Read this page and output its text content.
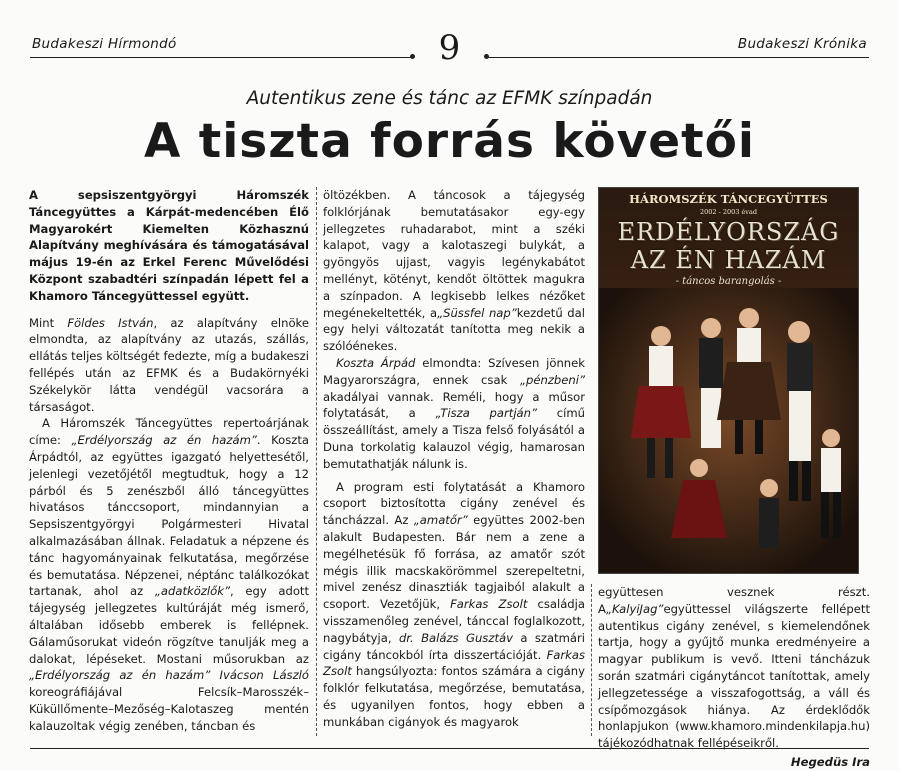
Budakeszi Hírmondó	9	Budakeszi Krónika
Autentikus zene és tánc az EFMK színpadán
A tiszta forrás követői

A sepsiszentgyörgyi Háromszék Táncegyüttes a Kárpát-medencében Élő Magyarokért Kiemelten Közhasznú Alapítvány meghívására és támogatásával május 19-én az Erkel Ferenc Művelődési Központ szabadtéri színpadán lépett fel a Khamoro Táncegyüttessel együtt.

Mint Földes István, az alapítvány elnöke elmondta, az alapítvány az utazás, szállás, ellátás teljes költségét fedezte, míg a budakeszi fellépés után az EFMK és a Budakörnyéki Székelykör látta vendégül vacsorára a társaságot.

A Háromszék Táncegyüttes repertoárjának címe: „Erdélyország az én hazám”. Koszta Árpádtól, az együttes igazgató helyettesétől, jelenlegi vezetőjétől megtudtuk, hogy a 12 párból és 5 zenészből álló táncegyüttes hivatásos tánccsoport, mindannyian a Sepsiszentgyörgyi Polgármesteri Hivatal alkalmazásában állnak. Feladatuk a népzene és tánc hagyományainak felkutatása, megőrzése és bemutatása. Népzenei, néptánc találkozókat tartanak, ahol az „adatközlők”, egy adott tájegység jellegzetes kultúráját még ismerő, általában idősebb emberek is fellépnek. Gálaműsorukat videón rögzítve tanulják meg a dalokat, lépéseket. Mostani műsorukban az „Erdélyország az én hazám” Ivácson László koreográfiájával Felcsík–Marosszék–Küküllőmente–Mezőség–Kalotaszeg mentén kalauzoltak végig zenében, táncban és

öltözékben. A táncosok a tájegység folklórjának bemutatásakor egy-egy jellegzetes ruhadarabot, mint a széki kalapot, vagy a kalotaszegi bulykát, a gyöngyös ujjast, vagyis legénykabátot mellényt, kötényt, kendőt öltöttek magukra a színpadon. A legkisebb lelkes nézőket megénekeltették, a„Süssfel nap”kezdetű dal egy helyi változatát tanította meg nekik a szólóénekes.

Koszta Árpád elmondta: Szívesen jönnek Magyarországra, ennek csak „pénzbeni” akadályai vannak. Reméli, hogy a műsor folytatását, a „Tisza partján” című összeállítást, amely a Tisza felső folyásától a Duna torkolatig kalauzol végig, hamarosan bemutathatják nálunk is.

A program esti folytatását a Khamoro csoport biztosította cigány zenével és táncházzal. Az „amatőr” együttes 2002-ben alakult Budapesten. Bár nem a zene a megélhetésük fő forrása, az amatőr szót mégis illik macskakörömmel szerepeltetni, mivel zenész dinasztiák tagjaiból alakult a csoport. Vezetőjük, Farkas Zsolt családja visszamenőleg zenével, tánccal foglalkozott, nagybátyja, dr. Balázs Gusztáv a szatmári cigány táncokból írta disszertációját. Farkas Zsolt hangsúlyozta: fontos számára a cigány folklór felkutatása, megőrzése, bemutatása, és ugyanilyen fontos, hogy ebben a munkában cigányok és magyarok

együttesen vesznek részt. A„KalyiJag”együttessel világszerte fellépett autentikus cigány zenével, s kiemelendőnek tartja, hogy a gyűjtő munka eredményeire a magyar publikum is vevő. Itteni táncházuk során szatmári cigánytáncot tanítottak, amely jellegzetessége a visszafogottság, a váll és csípőmozgások hiánya. Az érdeklődők honlapjukon (www.khamoro.mindenkilapja.hu) tájékozódhatnak fellépéseikről.

Hegedüs Ira

HÁROMSZÉK TÁNCEGYÜTTES
2002 - 2003 évad
ERDÉLYORSZÁG
AZ ÉN HAZÁM
- táncos barangolás -
